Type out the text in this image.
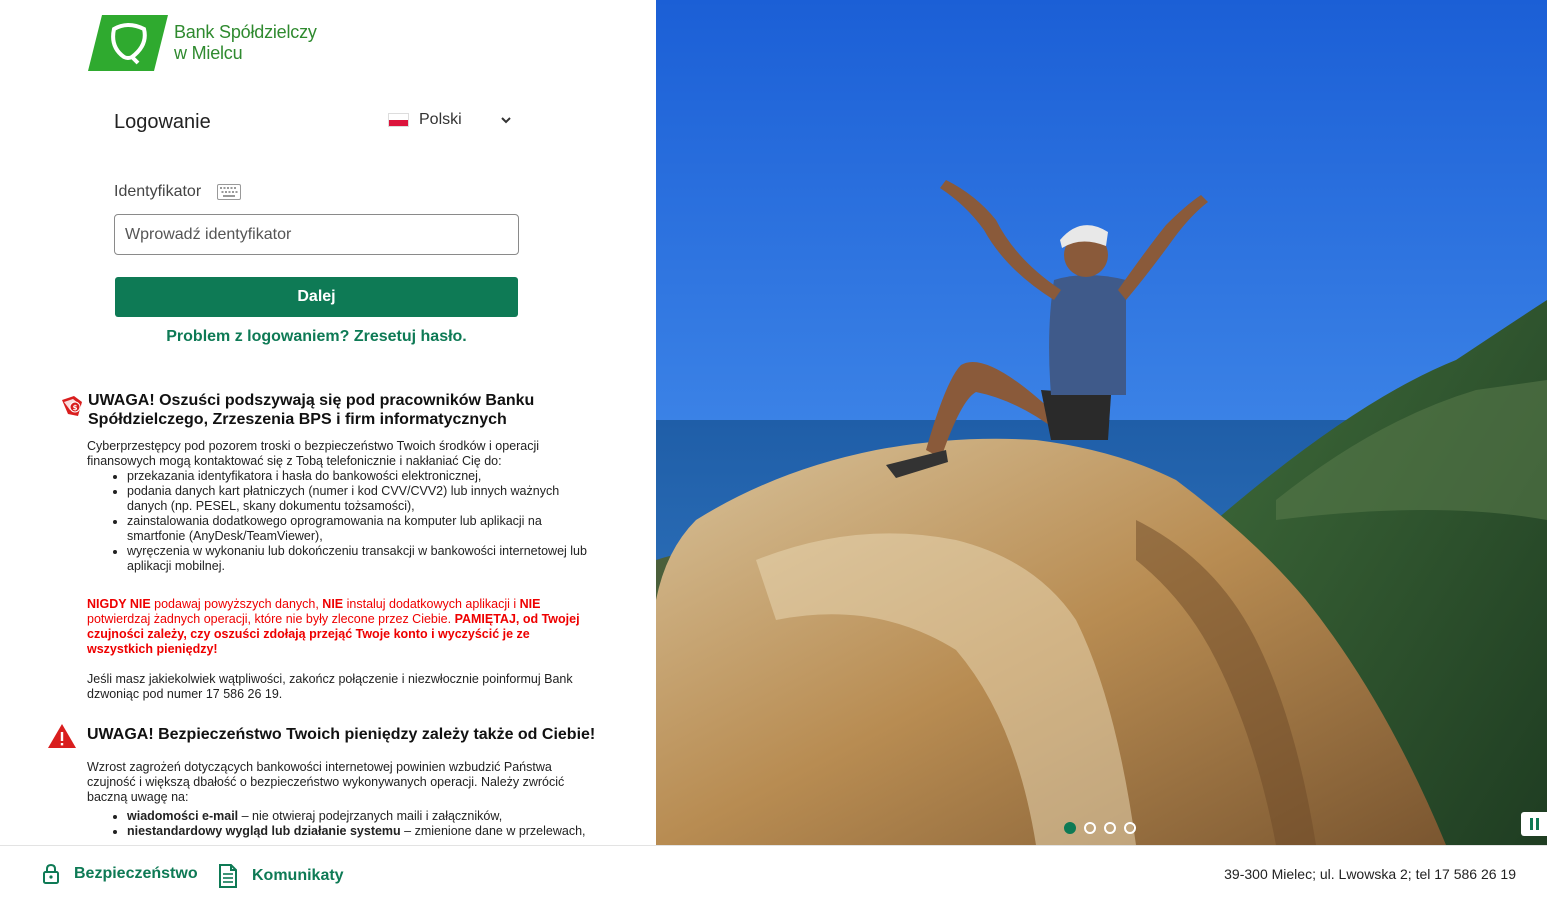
Bank Spółdzielczy
w Mielcu
Logowanie	Polski
Identyfikator
Wprowadź identyfikator
Dalej
Problem z logowaniem? Zresetuj hasło.
$ UWAGA! Oszuści podszywają się pod pracowników Banku Spółdzielczego, Zrzeszenia BPS i firm informatycznych

Cyberprzestępcy pod pozorem troski o bezpieczeństwo Twoich środków i operacji finansowych mogą kontaktować się z Tobą telefonicznie i nakłaniać Cię do:

• przekazania identyfikatora i hasła do bankowości elektronicznej,
• podania danych kart płatniczych (numer i kod CVV/CVV2) lub innych ważnych danych (np. PESEL, skany dokumentu tożsamości),
• zainstalowania dodatkowego oprogramowania na komputer lub aplikacji na smartfonie (AnyDesk/TeamViewer),
• wyręczenia w wykonaniu lub dokończeniu transakcji w bankowości internetowej lub aplikacji mobilnej.
NIGDY NIE podawaj powyższych danych, NIE instaluj dodatkowych aplikacji i NIE potwierdzaj żadnych operacji, które nie były zlecone przez Ciebie. PAMIĘTAJ, od Twojej czujności zależy, czy oszuści zdołają przejąć Twoje konto i wyczyścić je ze wszystkich pieniędzy!
Jeśli masz jakiekolwiek wątpliwości, zakończ połączenie i niezwłocznie poinformuj Bank dzwoniąc pod numer 17 586 26 19.
UWAGA! Bezpieczeństwo Twoich pieniędzy zależy także od Ciebie!

Wzrost zagrożeń dotyczących bankowości internetowej powinien wzbudzić Państwa czujność i większą dbałość o bezpieczeństwo wykonywanych operacji. Należy zwrócić baczną uwagę na:

• wiadomości e-mail – nie otwieraj podejrzanych maili i załączników,
• niestandardowy wygląd lub działanie systemu – zmienione dane w przelewach,
Bezpieczeństwo	Komunikaty	39-300 Mielec; ul. Lwowska 2; tel 17 586 26 19
